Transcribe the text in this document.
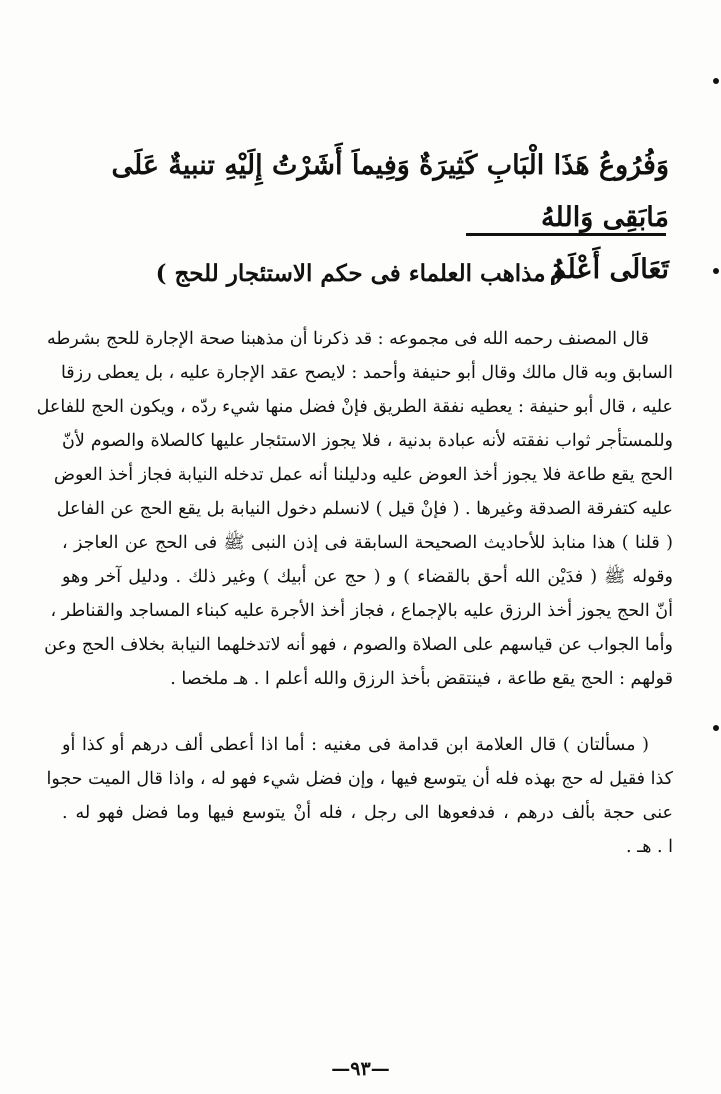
وَفُرُوعُ هَذَا الْبَابِ كَثِيرَةٌ وَفِيماَ أَشَرْتُ إِلَيْهِ تنبيةٌ عَلَى مَابَقِى وَاللهُ
تَعَالَى أَعْلَمُ
( مذاهب العلماء فى حكم الاستئجار للحج )
قال المصنف رحمه الله فى مجموعه : قد ذكرنا أن مذهبنا صحة الإجارة للحج بشرطه
السابق وبه قال مالك وقال أبو حنيفة وأحمد : لايصح عقد الإجارة عليه ، بل يعطى رزقا
عليه ، قال أبو حنيفة : يعطيه نفقة الطريق فإنْ فضل منها شيء ردّه ، ويكون الحج للفاعل
وللمستأجر ثواب نفقته لأنه عبادة بدنية ، فلا يجوز الاستئجار عليها كالصلاة والصوم لأنّ
الحج يقع طاعة فلا يجوز أخذ العوض عليه ودليلنا أنه عمل تدخله النيابة فجاز أخذ العوض
عليه كتفرقة الصدقة وغيرها . ( فإنْ قيل ) لانسلم دخول النيابة بل يقع الحج عن الفاعل
( قلنا ) هذا منابذ للأحاديث الصحيحة السابقة فى إذن النبى ﷺ فى الحج عن العاجز ،
وقوله ﷺ ( فدَيْن الله أحق بالقضاء ) و ( حج عن أبيك ) وغير ذلك . ودليل آخر وهو
أنّ الحج يجوز أخذ الرزق عليه بالإجماع ، فجاز أخذ الأجرة عليه كبناء المساجد والقناطر ،
وأما الجواب عن قياسهم على الصلاة والصوم ، فهو أنه لاتدخلهما النيابة بخلاف الحج وعن
قولهم : الحج يقع طاعة ، فينتقض بأخذ الرزق والله أعلم ا . هـ ملخصا .
( مسألتان ) قال العلامة ابن قدامة فى مغنيه : أما اذا أعطى ألف درهم أو كذا أو
كذا فقيل له حج بهذه فله أن يتوسع فيها ، وإن فضل شيء فهو له ، واذا قال الميت حجوا
عنى حجة بألف درهم ، فدفعوها الى رجل ، فله أنْ يتوسع فيها وما فضل فهو له .
ا . هـ .
—٩٣—
